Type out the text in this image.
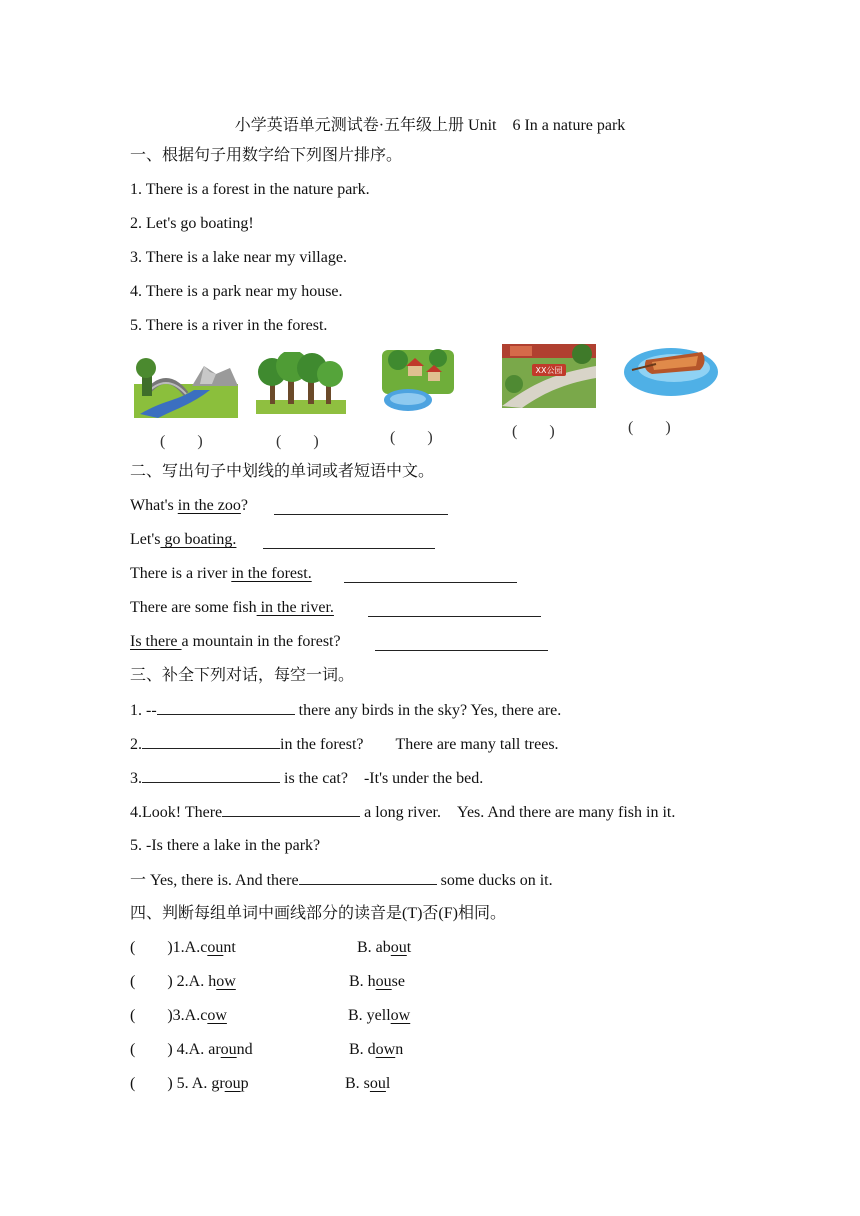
小学英语单元测试卷·五年级上册 Unit　6 In a nature park
一、根据句子用数字给下列图片排序。
1. There is a forest in the nature park.
2. Let's go boating!
3. There is a lake near my village.
4. There is a park near my house.
5. There is a river in the forest.
(　　)	(　　)	(　　)
XX公园
(　　)	(　　)
二、写出句子中划线的单词或者短语中文。
What's in the zoo?
Let's go boating.
There is a river in the forest.
There are some fish in the river.
Is there a mountain in the forest?
三、补全下列对话，每空一词。
1. --	there any birds in the sky? Yes, there are.
2.	in the forest?　　There are many tall trees.
3.	is the cat?　-It's under the bed.
4.Look! There	a long river.　Yes. And there are many fish in it.
5. -Is there a lake in the park?
一 Yes, there is. And there	some ducks on it.
四、判断每组单词中画线部分的读音是(T)否(F)相同。
(　　)1.A.count	B. about
(　　) 2.A. how	B. house
(　　)3.A.cow	B. yellow
(　　) 4.A. around	B. down
(　　) 5. A. group	B. soul
